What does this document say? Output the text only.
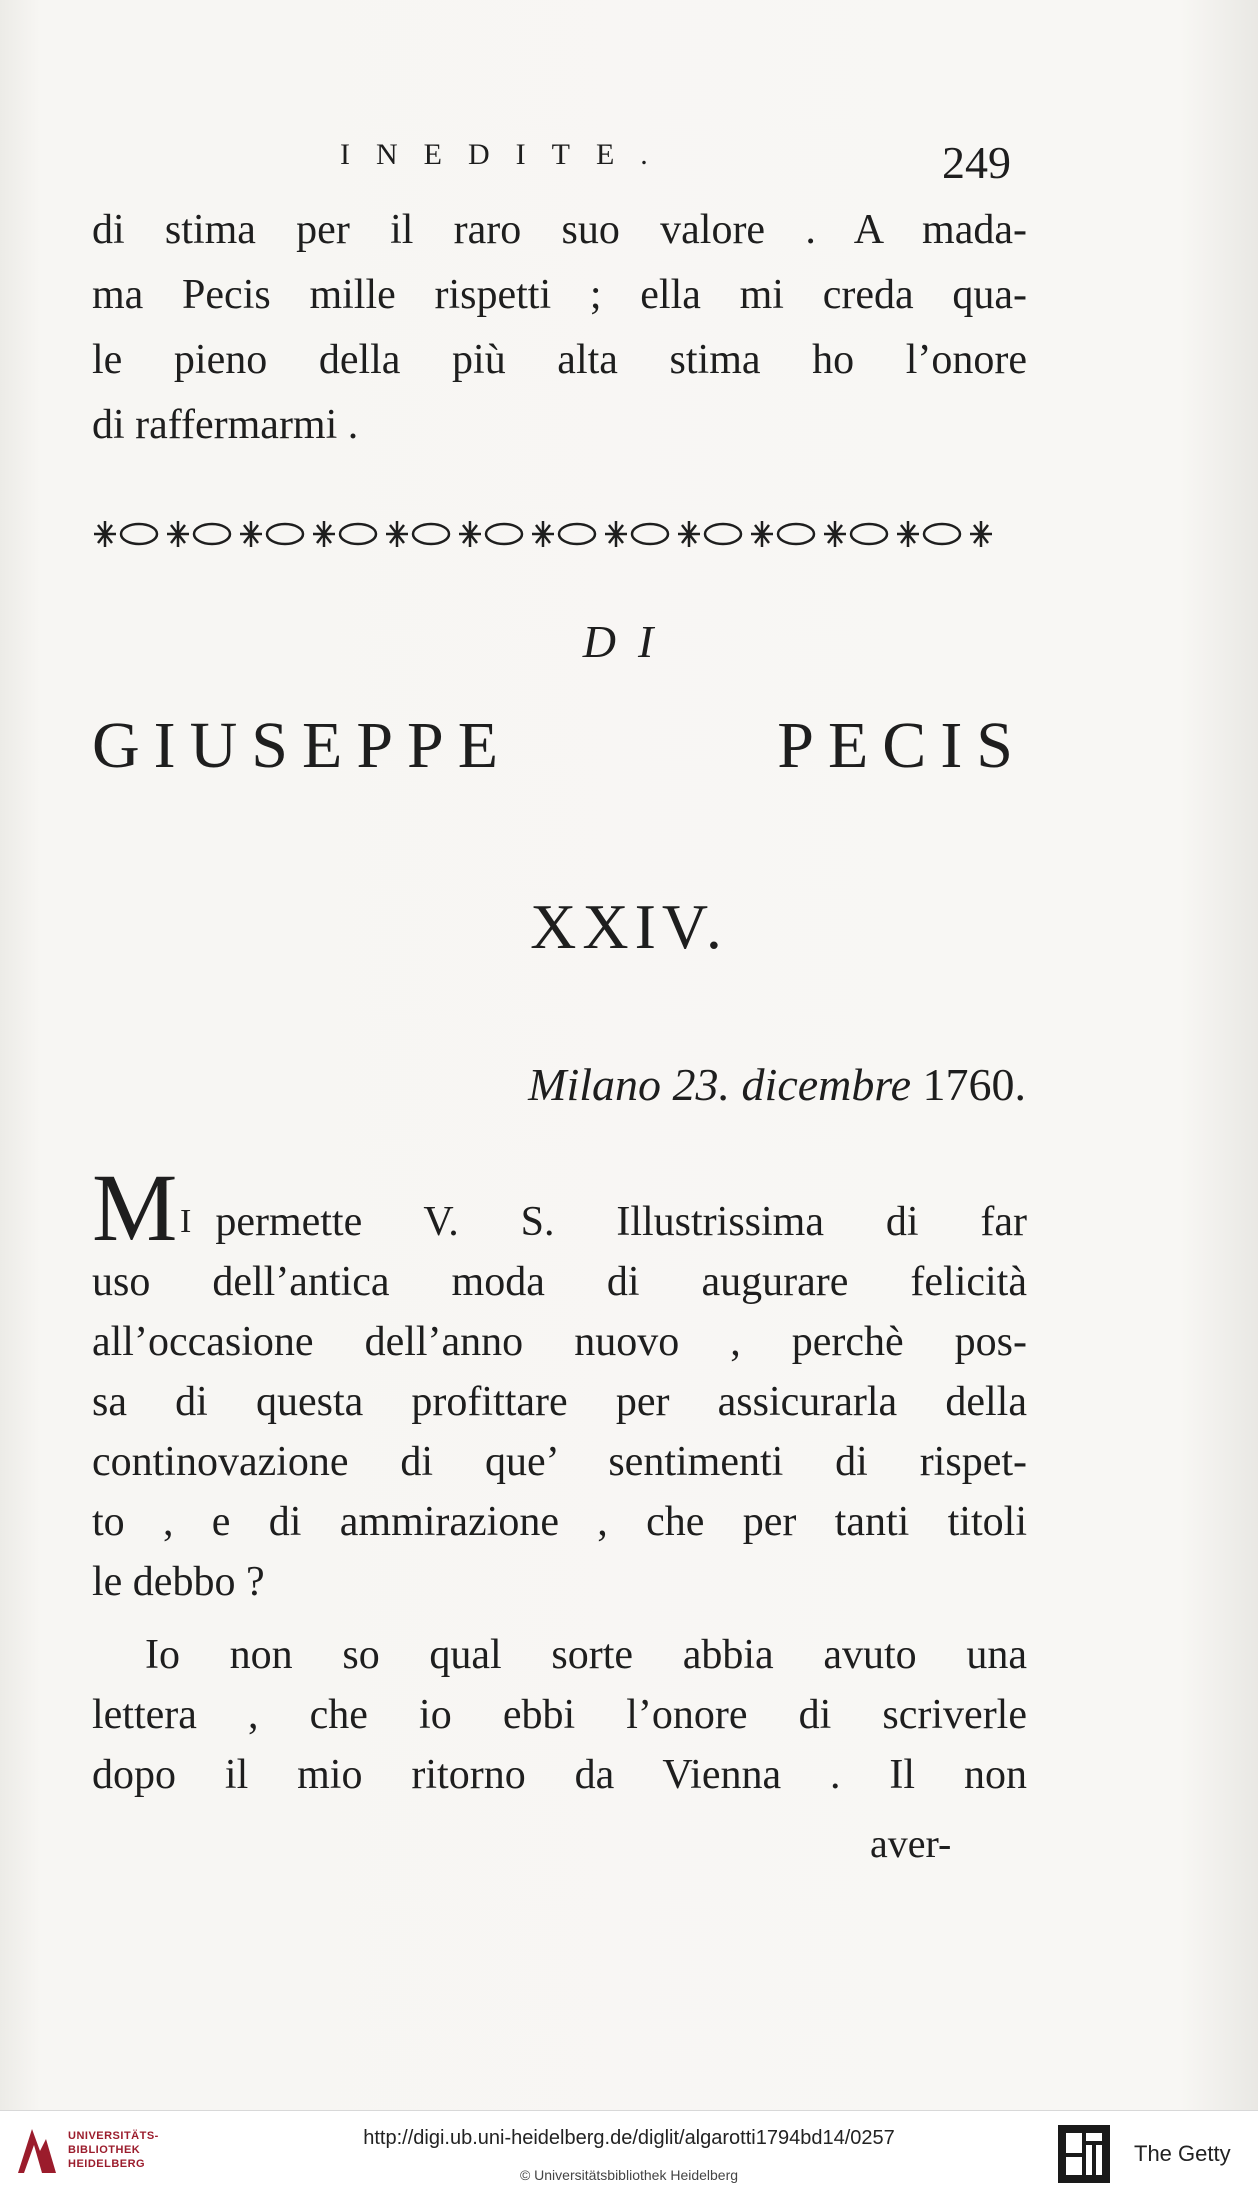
INEDITE.	249
di stima per il raro suo valore . A mada-
ma Pecis mille rispetti ; ella mi creda qua-
le pieno della più alta stima ho l’onore
di raffermarmi .
DI
GIUSEPPE PECIS
XXIV.
Milano 23. dicembre 1760.
M I permette V. S. Illustrissima di far
uso dell’antica moda di augurare felicità
all’occasione dell’anno nuovo , perchè pos-
sa di questa profittare per assicurarla della
continovazione di que’ sentimenti di rispet-
to , e di ammirazione , che per tanti titoli
le debbo ?
Io non so qual sorte abbia avuto una
lettera , che io ebbi l’onore di scriverle
dopo il mio ritorno da Vienna . Il non
aver-
UNIVERSITÄTS-
BIBLIOTHEK
HEIDELBERG
http://digi.ub.uni-heidelberg.de/diglit/algarotti1794bd14/0257
© Universitätsbibliothek Heidelberg
The Getty
